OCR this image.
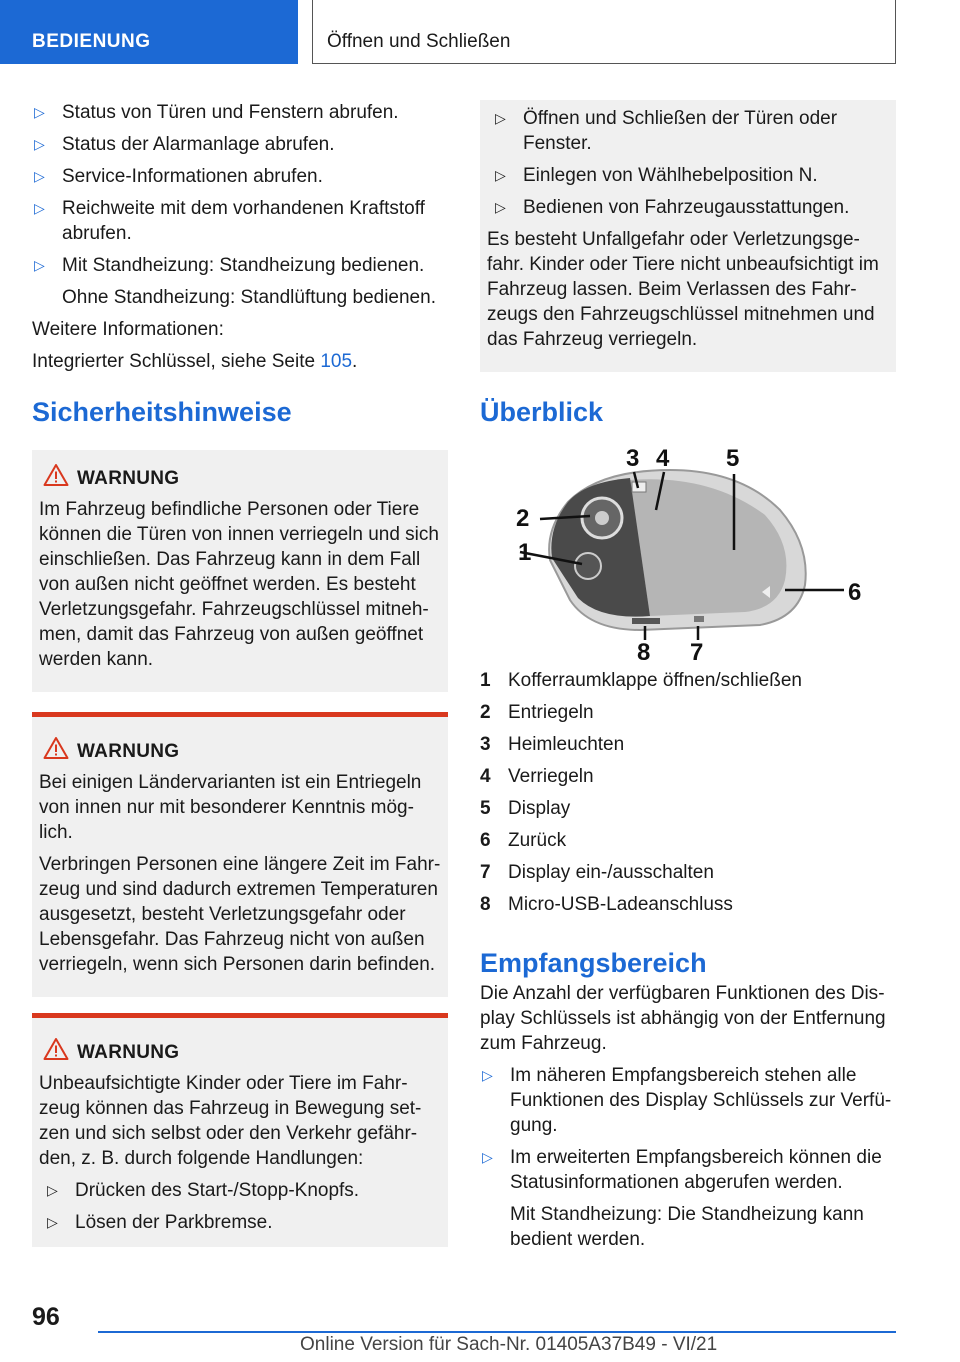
BEDIENUNG	Öffnen und Schließen
▷ Status von Türen und Fenstern abrufen.
▷ Status der Alarmanlage abrufen.
▷ Service-Informationen abrufen.
▷ Reichweite mit dem vorhandenen Kraftstoff abrufen.
▷ Mit Standheizung: Standheizung bedienen.
Ohne Standheizung: Standlüftung bedienen.
Weitere Informationen:
Integrierter Schlüssel, siehe Seite 105.
Sicherheitshinweise
WARNUNG
Im Fahrzeug befindliche Personen oder Tiere können die Türen von innen verriegeln und sich einschließen. Das Fahrzeug kann in dem Fall von außen nicht geöffnet werden. Es besteht Verletzungsgefahr. Fahrzeugschlüssel mitnehmen, damit das Fahrzeug von außen geöffnet werden kann.
WARNUNG
Bei einigen Ländervarianten ist ein Entriegeln von innen nur mit besonderer Kenntnis möglich.
Verbringen Personen eine längere Zeit im Fahrzeug und sind dadurch extremen Temperaturen ausgesetzt, besteht Verletzungsgefahr oder Lebensgefahr. Das Fahrzeug nicht von außen verriegeln, wenn sich Personen darin befinden.
WARNUNG
Unbeaufsichtigte Kinder oder Tiere im Fahrzeug können das Fahrzeug in Bewegung setzen und sich selbst oder den Verkehr gefährden, z. B. durch folgende Handlungen:
▷ Drücken des Start-/Stopp-Knopfs.
▷ Lösen der Parkbremse.
▷ Öffnen und Schließen der Türen oder Fenster.
▷ Einlegen von Wählhebelposition N.
▷ Bedienen von Fahrzeugausstattungen.
Es besteht Unfallgefahr oder Verletzungsgefahr. Kinder oder Tiere nicht unbeaufsichtigt im Fahrzeug lassen. Beim Verlassen des Fahrzeugs den Fahrzeugschlüssel mitnehmen und das Fahrzeug verriegeln.
Überblick
1
2
3 4 5
6
7
8
1 Kofferraumklappe öffnen/schließen
2 Entriegeln
3 Heimleuchten
4 Verriegeln
5 Display
6 Zurück
7 Display ein-/ausschalten
8 Micro-USB-Ladeanschluss
Empfangsbereich
Die Anzahl der verfügbaren Funktionen des Display Schlüssels ist abhängig von der Entfernung zum Fahrzeug.
▷ Im näheren Empfangsbereich stehen alle Funktionen des Display Schlüssels zur Verfügung.
▷ Im erweiterten Empfangsbereich können die Statusinformationen abgerufen werden.
Mit Standheizung: Die Standheizung kann bedient werden.
96
Online Version für Sach-Nr. 01405A37B49 - VI/21
